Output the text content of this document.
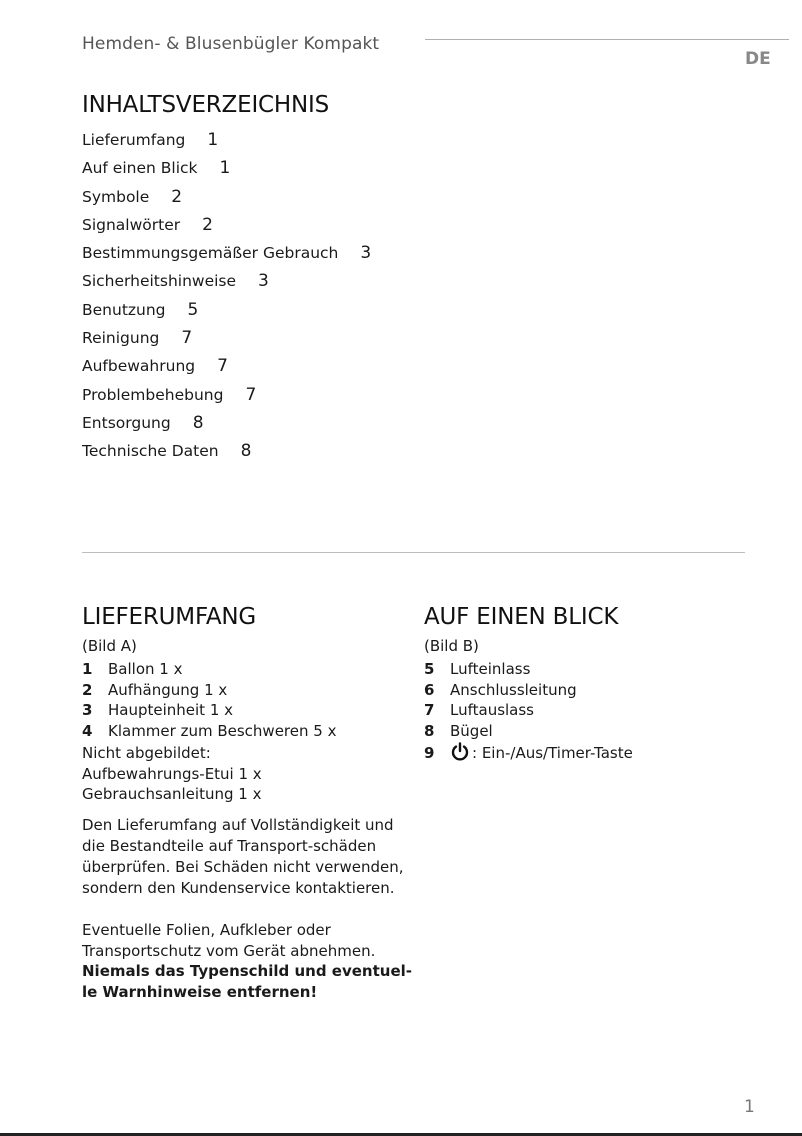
Hemden- & Blusenbügler Kompakt
DE
INHALTSVERZEICHNIS
Lieferumfang 1
Auf einen Blick 1
Symbole 2
Signalwörter 2
Bestimmungsgemäßer Gebrauch 3
Sicherheitshinweise 3
Benutzung 5
Reinigung 7
Aufbewahrung 7
Problembehebung 7
Entsorgung 8
Technische Daten 8
LIEFERUMFANG
(Bild A)
1	Ballon 1 x
2	Aufhängung 1 x
3	Haupteinheit 1 x
4	Klammer zum Beschweren 5 x
Nicht abgebildet:
Aufbewahrungs-Etui 1 x
Gebrauchsanleitung 1 x
Den Lieferumfang auf Vollständigkeit und die Bestandteile auf Transport-schäden überprüfen. Bei Schäden nicht verwenden, sondern den Kundenservice kontaktieren.
Eventuelle Folien, Aufkleber oder Transportschutz vom Gerät abnehmen.
Niemals das Typenschild und eventuel-le Warnhinweise entfernen!
AUF EINEN BLICK
(Bild B)
5	Lufteinlass
6	Anschlussleitung
7	Luftauslass
8	Bügel
9	: Ein-/Aus/Timer-Taste
1
